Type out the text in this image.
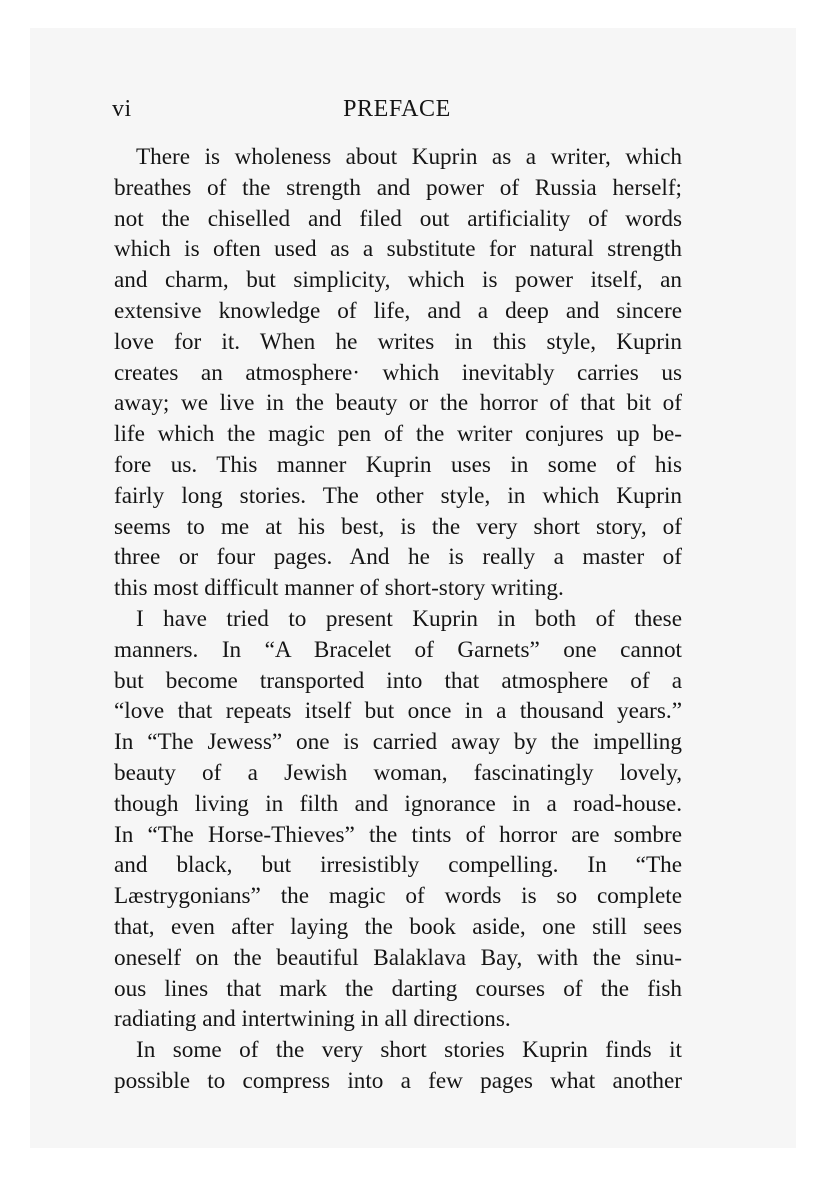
vi	PREFACE
There is wholeness about Kuprin as a writer, which
breathes of the strength and power of Russia herself;
not the chiselled and filed out artificiality of words
which is often used as a substitute for natural strength
and charm, but simplicity, which is power itself, an
extensive knowledge of life, and a deep and sincere
love for it. When he writes in this style, Kuprin
creates an atmosphere· which inevitably carries us
away; we live in the beauty or the horror of that bit of
life which the magic pen of the writer conjures up be-
fore us. This manner Kuprin uses in some of his
fairly long stories. The other style, in which Kuprin
seems to me at his best, is the very short story, of
three or four pages. And he is really a master of
this most difficult manner of short-story writing.
I have tried to present Kuprin in both of these
manners. In “A Bracelet of Garnets” one cannot
but become transported into that atmosphere of a
“love that repeats itself but once in a thousand years.”
In “The Jewess” one is carried away by the impelling
beauty of a Jewish woman, fascinatingly lovely,
though living in filth and ignorance in a road-house.
In “The Horse-Thieves” the tints of horror are sombre
and black, but irresistibly compelling. In “The
Læstrygonians” the magic of words is so complete
that, even after laying the book aside, one still sees
oneself on the beautiful Balaklava Bay, with the sinu-
ous lines that mark the darting courses of the fish
radiating and intertwining in all directions.
In some of the very short stories Kuprin finds it
possible to compress into a few pages what another
